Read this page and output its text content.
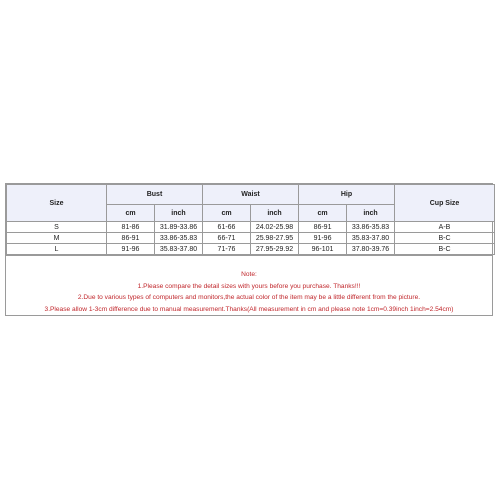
Size	Bust		Waist		Hip		Cup Size
	cm	inch	cm	inch	cm	inch	
S	81-86	31.89-33.86	61-66	24.02-25.98	86-91	33.86-35.83	A-B
M	86-91	33.86-35.83	66-71	25.98-27.95	91-96	35.83-37.80	B-C
L	91-96	35.83-37.80	71-76	27.95-29.92	96-101	37.80-39.76	B-C
Note:
1.Please compare the detail sizes with yours before you purchase. Thanks!!!
2.Due to various types of computers and monitors,the actual color of the item may be a little different from the picture.
3.Please allow 1-3cm difference due to manual measurement.Thanks(All measurement in cm and please note 1cm=0.39inch 1inch=2.54cm)
